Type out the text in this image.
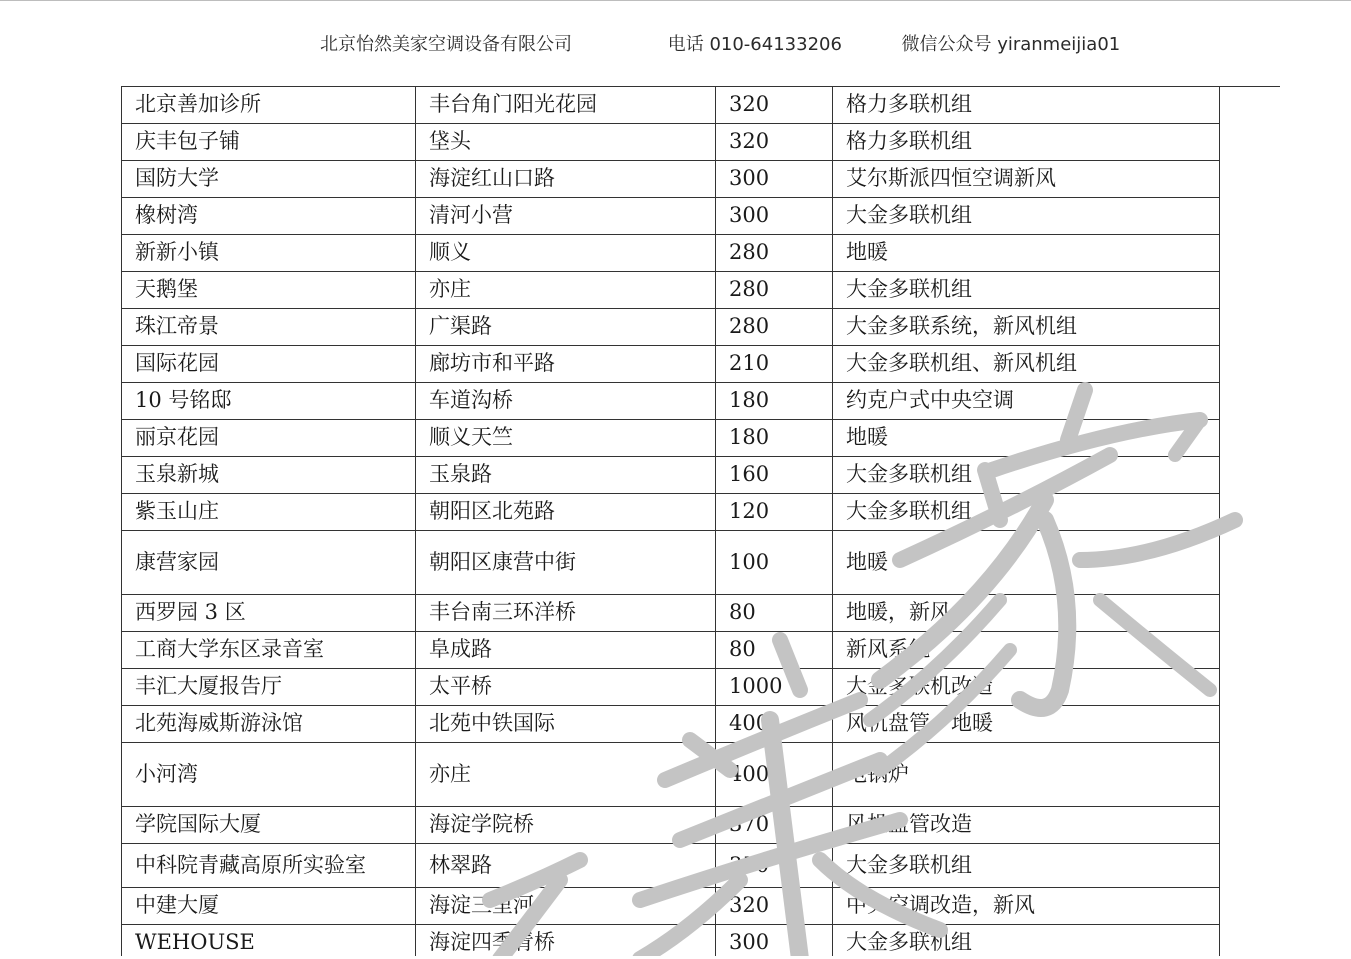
北京怡然美家空调设备有限公司	电话 010-64133206	微信公众号 yiranmeijia01
北京善加诊所	丰台角门阳光花园	320	格力多联机组
庆丰包子铺	垡头	320	格力多联机组
国防大学	海淀红山口路	300	艾尔斯派四恒空调新风
橡树湾	清河小营	300	大金多联机组
新新小镇	顺义	280	地暖
天鹅堡	亦庄	280	大金多联机组
珠江帝景	广渠路	280	大金多联系统，新风机组
国际花园	廊坊市和平路	210	大金多联机组、新风机组
10 号铭邸	车道沟桥	180	约克户式中央空调
丽京花园	顺义天竺	180	地暖
玉泉新城	玉泉路	160	大金多联机组
紫玉山庄	朝阳区北苑路	120	大金多联机组
康营家园	朝阳区康营中街	100	地暖
西罗园 3 区	丰台南三环洋桥	80	地暖，新风
工商大学东区录音室	阜成路	80	新风系统
丰汇大厦报告厅	太平桥	1000	大金多联机改造
北苑海威斯游泳馆	北苑中铁国际	400	风机盘管、地暖
小河湾	亦庄	400	电锅炉
学院国际大厦	海淀学院桥	370	风机盘管改造
中科院青藏高原所实验室	林翠路	350	大金多联机组
中建大厦	海淀三里河	320	中央空调改造，新风
WEHOUSE	海淀四季青桥	300	大金多联机组
